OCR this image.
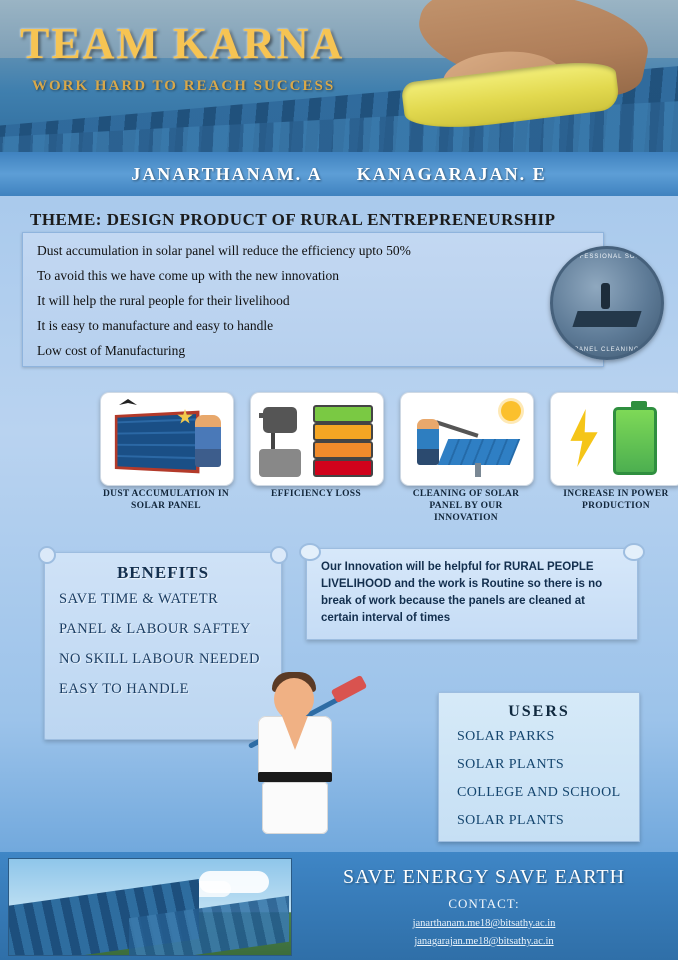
TEAM KARNA
WORK HARD TO REACH SUCCESS
JANARTHANAM. A KANAGARAJAN. E
THEME: DESIGN PRODUCT OF RURAL ENTREPRENEURSHIP
Dust accumulation in solar panel will reduce the efficiency upto 50%
To avoid this we have come up with the new innovation
It will help the rural people for their livelihood
It is easy to manufacture and easy to handle
Low cost of Manufacturing
PROFESSIONAL SOLAR
PANEL CLEANING
DUST ACCUMULATION IN SOLAR PANEL
EFFICIENCY LOSS	CLEANING OF SOLAR PANEL BY OUR INNOVATION
INCREASE IN POWER PRODUCTION
BENEFITS
SAVE TIME & WATETR
PANEL & LABOUR SAFTEY
NO SKILL LABOUR NEEDED
EASY TO HANDLE

Our Innovation will be helpful for RURAL PEOPLE LIVELIHOOD and the work is Routine so there is no break of work because the panels are cleaned at certain interval of times

USERS
SOLAR PARKS
SOLAR PLANTS
COLLEGE AND SCHOOL
SOLAR PLANTS
SAVE ENERGY SAVE EARTH
CONTACT:
janarthanam.me18@bitsathy.ac.in
janagarajan.me18@bitsathy.ac.in
